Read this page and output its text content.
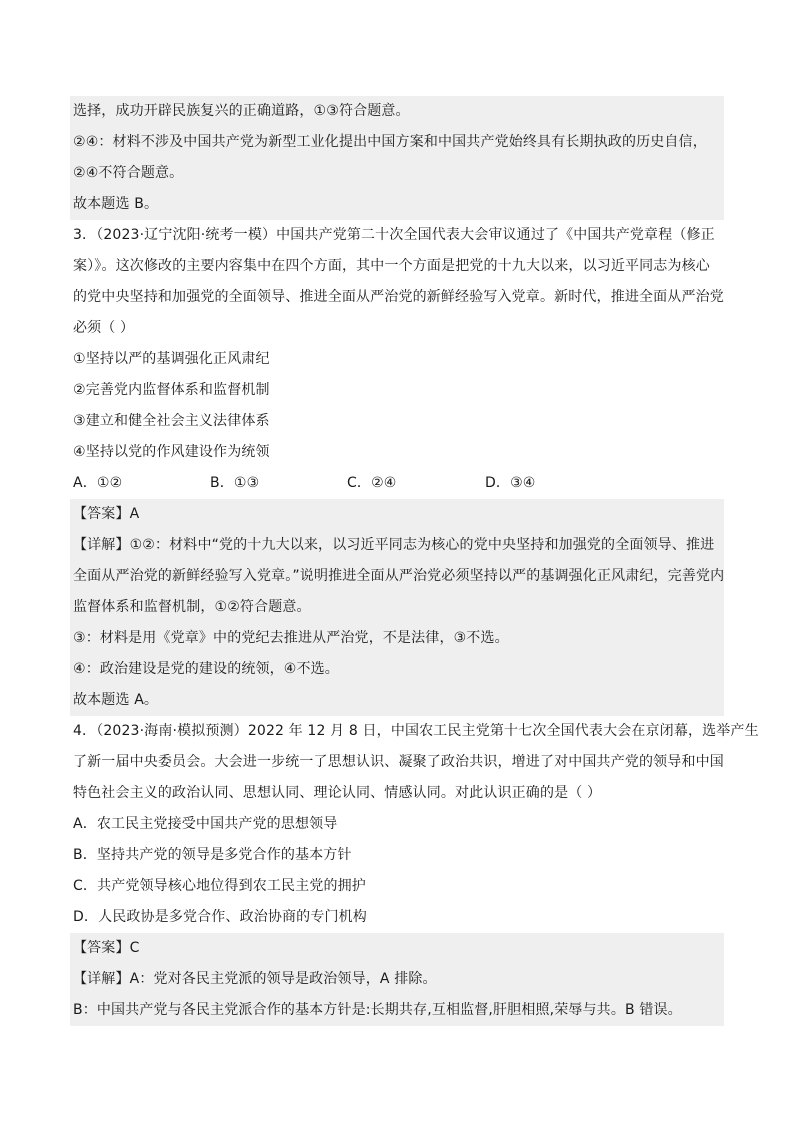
选择，成功开辟民族复兴的正确道路，①③符合题意。
②④：材料不涉及中国共产党为新型工业化提出中国方案和中国共产党始终具有长期执政的历史自信，
②④不符合题意。
故本题选 B。
3．（2023·辽宁沈阳·统考一模）中国共产党第二十次全国代表大会审议通过了《中国共产党章程（修正
案）》。这次修改的主要内容集中在四个方面，其中一个方面是把党的十九大以来，以习近平同志为核心
的党中央坚持和加强党的全面领导、推进全面从严治党的新鲜经验写入党章。新时代，推进全面从严治党
必须（ ）
①坚持以严的基调强化正风肃纪
②完善党内监督体系和监督机制
③建立和健全社会主义法律体系
④坚持以党的作风建设作为统领
A．①②	B．①③	C．②④	D．③④
【答案】A
【详解】①②：材料中“党的十九大以来，以习近平同志为核心的党中央坚持和加强党的全面领导、推进
全面从严治党的新鲜经验写入党章。”说明推进全面从严治党必须坚持以严的基调强化正风肃纪，完善党内
监督体系和监督机制，①②符合题意。
③：材料是用《党章》中的党纪去推进从严治党，不是法律，③不选。
④：政治建设是党的建设的统领，④不选。
故本题选 A。
4．（2023·海南·模拟预测）2022 年 12 月 8 日，中国农工民主党第十七次全国代表大会在京闭幕，选举产生
了新一届中央委员会。大会进一步统一了思想认识、凝聚了政治共识，增进了对中国共产党的领导和中国
特色社会主义的政治认同、思想认同、理论认同、情感认同。对此认识正确的是（ ）
A．农工民主党接受中国共产党的思想领导
B．坚持共产党的领导是多党合作的基本方针
C．共产党领导核心地位得到农工民主党的拥护
D．人民政协是多党合作、政治协商的专门机构
【答案】C
【详解】A：党对各民主党派的领导是政治领导，A 排除。
B：中国共产党与各民主党派合作的基本方针是:长期共存,互相监督,肝胆相照,荣辱与共。B 错误。
